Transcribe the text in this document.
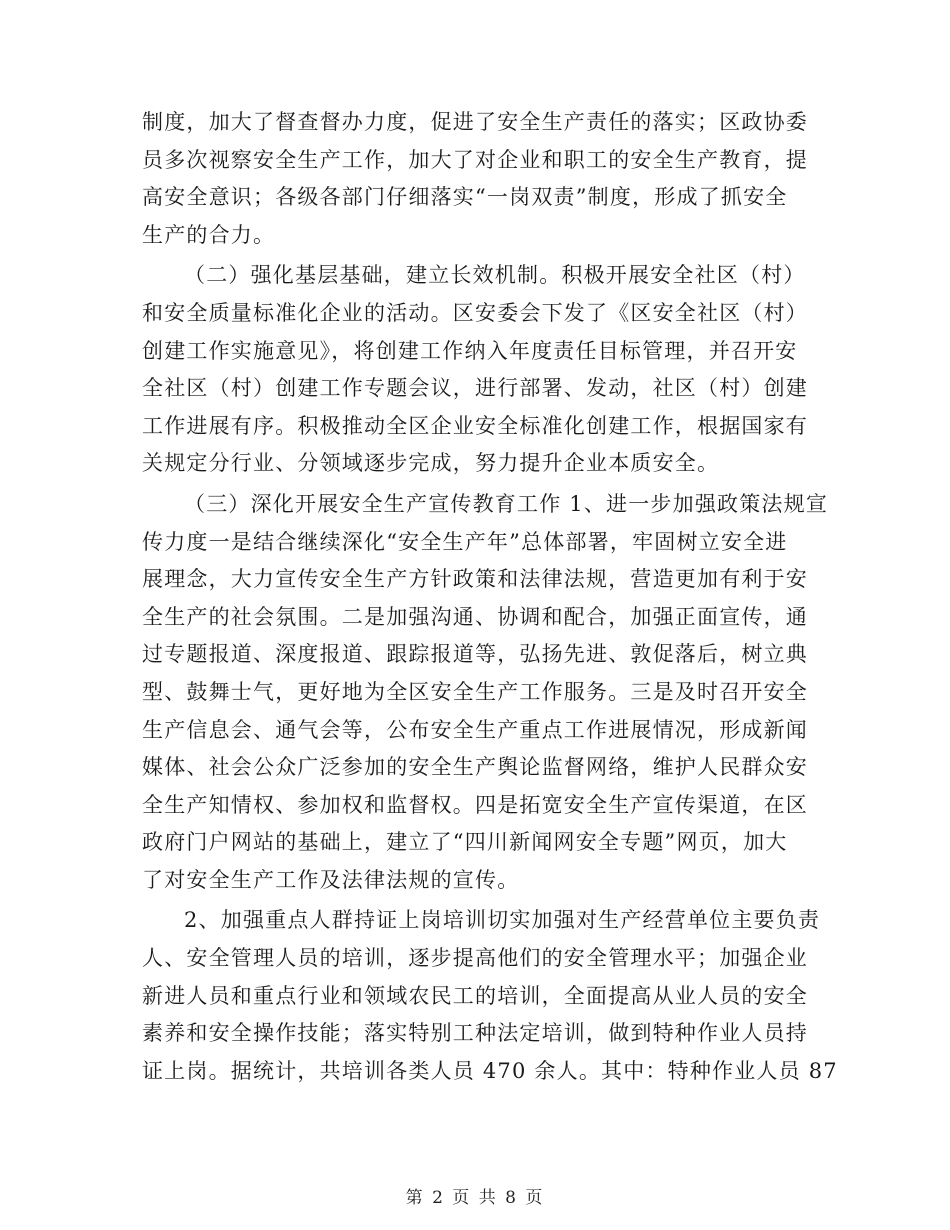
制度，加大了督查督办力度，促进了安全生产责任的落实；区政协委
员多次视察安全生产工作，加大了对企业和职工的安全生产教育，提
高安全意识；各级各部门仔细落实“一岗双责”制度，形成了抓安全
生产的合力。

（二）强化基层基础，建立长效机制。积极开展安全社区（村）
和安全质量标准化企业的活动。区安委会下发了《区安全社区（村）
创建工作实施意见》，将创建工作纳入年度责任目标管理，并召开安
全社区（村）创建工作专题会议，进行部署、发动，社区（村）创建
工作进展有序。积极推动全区企业安全标准化创建工作，根据国家有
关规定分行业、分领域逐步完成，努力提升企业本质安全。

（三）深化开展安全生产宣传教育工作 1、进一步加强政策法规宣
传力度一是结合继续深化“安全生产年”总体部署，牢固树立安全进
展理念，大力宣传安全生产方针政策和法律法规，营造更加有利于安
全生产的社会氛围。二是加强沟通、协调和配合，加强正面宣传，通
过专题报道、深度报道、跟踪报道等，弘扬先进、敦促落后，树立典
型、鼓舞士气，更好地为全区安全生产工作服务。三是及时召开安全
生产信息会、通气会等，公布安全生产重点工作进展情况，形成新闻
媒体、社会公众广泛参加的安全生产舆论监督网络，维护人民群众安
全生产知情权、参加权和监督权。四是拓宽安全生产宣传渠道，在区
政府门户网站的基础上，建立了“四川新闻网安全专题”网页，加大
了对安全生产工作及法律法规的宣传。

2、加强重点人群持证上岗培训切实加强对生产经营单位主要负责
人、安全管理人员的培训，逐步提高他们的安全管理水平；加强企业
新进人员和重点行业和领域农民工的培训，全面提高从业人员的安全
素养和安全操作技能；落实特别工种法定培训，做到特种作业人员持
证上岗。据统计，共培训各类人员 470 余人。其中：特种作业人员 87

第 2 页 共 8 页
